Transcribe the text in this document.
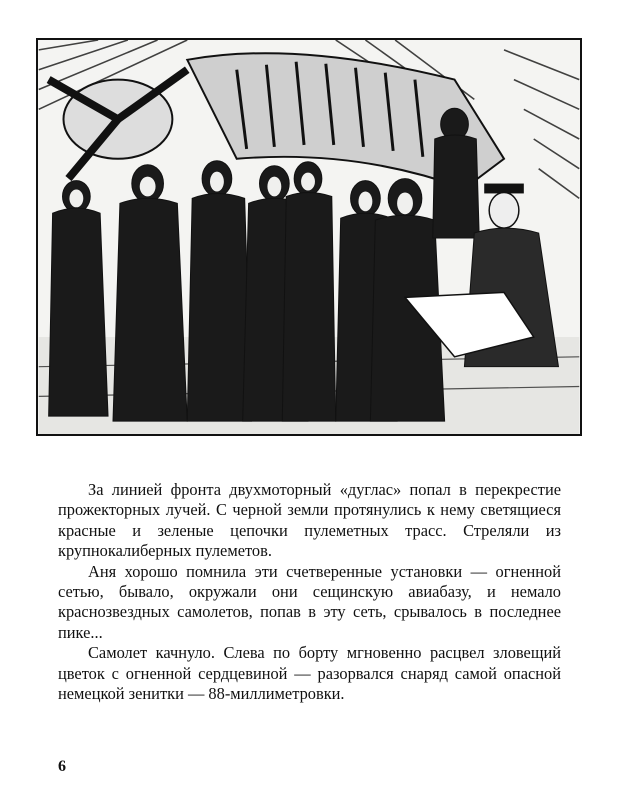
За линией фронта двухмоторный «дуглас» попал в перекрестие прожекторных лучей. С черной земли протянулись к нему светящиеся красные и зеленые цепочки пулеметных трасс. Стреляли из крупнокалиберных пулеметов.

Аня хорошо помнила эти счетверенные установки — огненной сетью, бывало, окружали они сещинскую авиабазу, и немало краснозвездных самолетов, попав в эту сеть, срывалось в последнее пике...

Самолет качнуло. Слева по борту мгновенно расцвел зловещий цветок с огненной сердцевиной — разорвался снаряд самой опасной немецкой зенитки — 88-миллиметровки.

6
